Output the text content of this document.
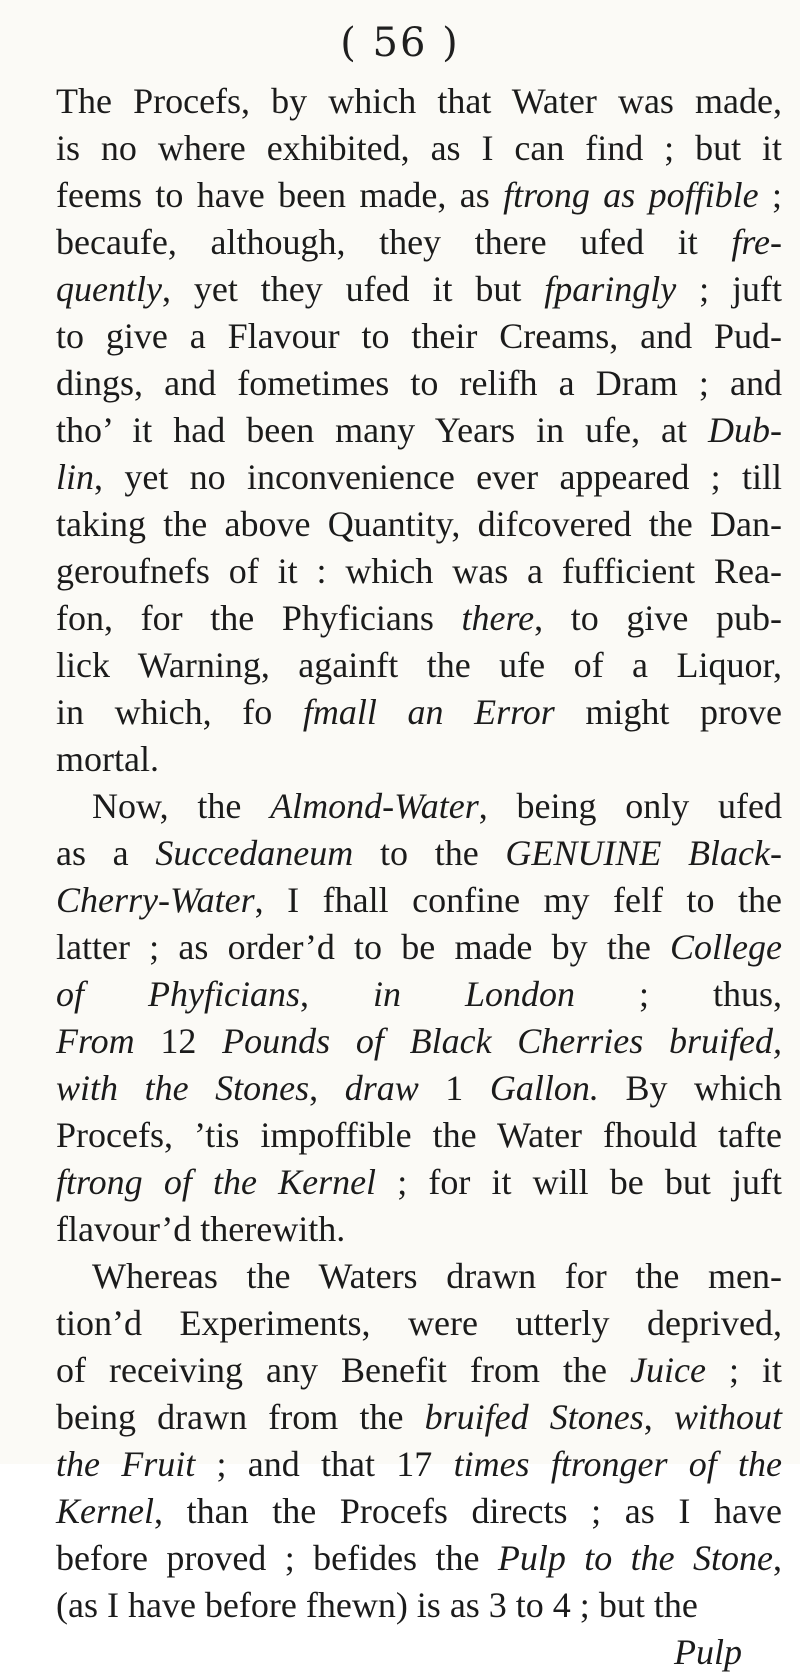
( 56 )
The Procefs, by which that Water was made,
is no where exhibited, as I can find ; but it
feems to have been made, as ftrong as poffible ;
becaufe, although, they there ufed it fre-
quently, yet they ufed it but fparingly ; juft
to give a Flavour to their Creams, and Pud-
dings, and fometimes to relifh a Dram ; and
tho’ it had been many Years in ufe, at Dub-
lin, yet no inconvenience ever appeared ; till
taking the above Quantity, difcovered the Dan-
geroufnefs of it : which was a fufficient Rea-
fon, for the Phyficians there, to give pub-
lick Warning, againft the ufe of a Liquor,
in which, fo fmall an Error might prove
mortal.
Now, the Almond-Water, being only ufed
as a Succedaneum to the GENUINE Black-
Cherry-Water, I fhall confine my felf to the
latter ; as order’d to be made by the College
of Phyficians, in London ; thus,
From 12 Pounds of Black Cherries bruifed,
with the Stones, draw 1 Gallon. By which
Procefs, ’tis impoffible the Water fhould tafte
ftrong of the Kernel ; for it will be but juft
flavour’d therewith.
Whereas the Waters drawn for the men-
tion’d Experiments, were utterly deprived,
of receiving any Benefit from the Juice ; it
being drawn from the bruifed Stones, without
the Fruit ; and that 17 times ftronger of the
Kernel, than the Procefs directs ; as I have
before proved ; befides the Pulp to the Stone,
(as I have before fhewn) is as 3 to 4 ; but the
Pulp
